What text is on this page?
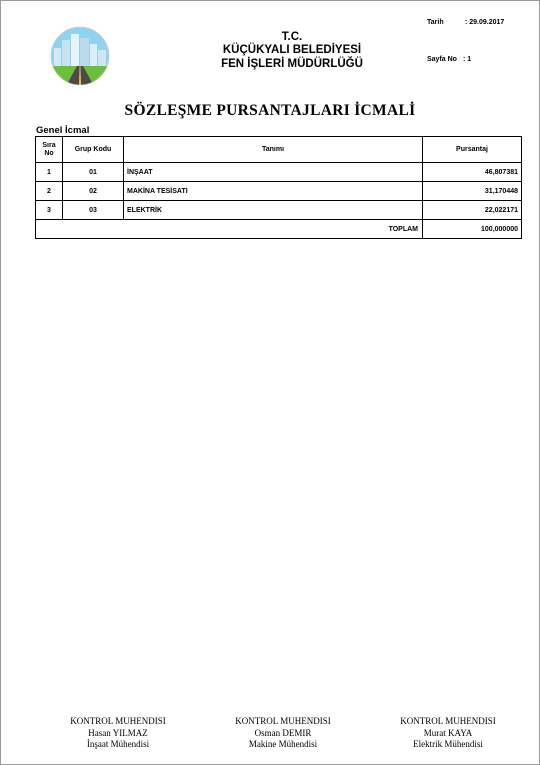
T.C.
KÜÇÜKYALI BELEDİYESİ
FEN İŞLERİ MÜDÜRLÜĞÜ
Tarih	: 29.09.2017
Sayfa No : 1
SÖZLEŞME PURSANTAJLARI İCMALİ
Genel İcmal
Sıra No	Grup Kodu	Tanımı	Pursantaj
1	01	İNŞAAT	46,807381
2	02	MAKİNA TESİSATI	31,170448
3	03	ELEKTRİK	22,022171
TOPLAM			100,000000
KONTROL MUHENDISI
Hasan YILMAZ
İnşaat Mühendisi
KONTROL MUHENDISI
Osman DEMIR
Makine Mühendisi
KONTROL MUHENDISI
Murat KAYA
Elektrik Mühendisi
